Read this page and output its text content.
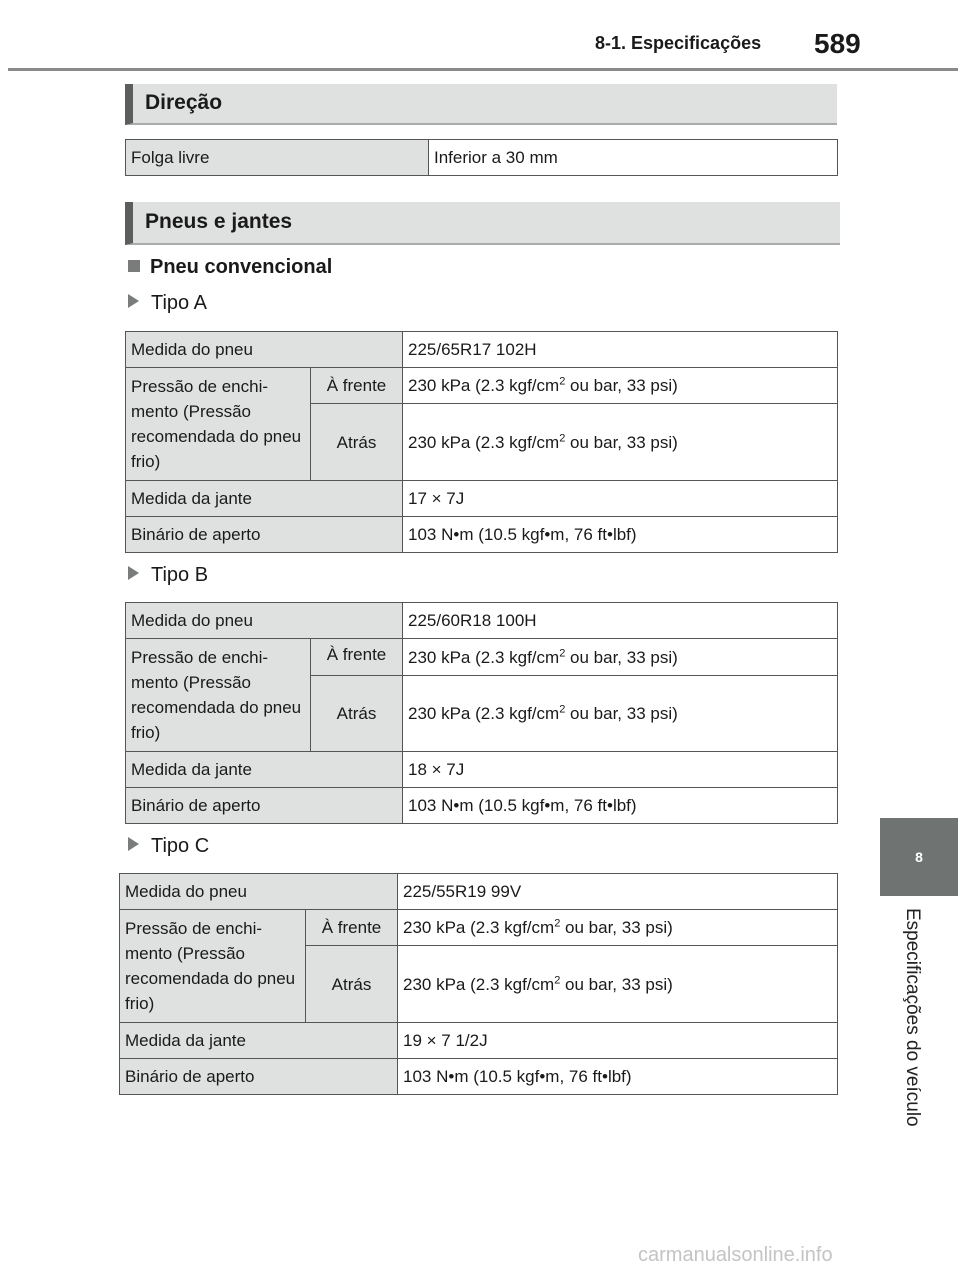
8-1. Especificações 589
Direção
Folga livre	Inferior a 30 mm
Pneus e jantes
Pneu convencional
Tipo A
Medida do pneu		225/65R17 102H
Pressão de enchi-mento (Pressão recomendada do pneu frio)	À frente	230 kPa (2.3 kgf/$cm^2$ ou bar, 33 psi)
	Atrás	230 kPa (2.3 kgf/$cm^2$ ou bar, 33 psi)
Medida da jante		17 × 7J
Binário de aperto		103 N•m (10.5 kgf•m, 76 ft•lbf)
Tipo B
Medida do pneu		225/60R18 100H
Pressão de enchi-mento (Pressão recomendada do pneu frio)	À frente	230 kPa (2.3 kgf/$cm^2$ ou bar, 33 psi)
	Atrás	230 kPa (2.3 kgf/$cm^2$ ou bar, 33 psi)
Medida da jante		18 × 7J
Binário de aperto		103 N•m (10.5 kgf•m, 76 ft•lbf)
Tipo C
Medida do pneu		225/55R19 99V
Pressão de enchi-mento (Pressão recomendada do pneu frio)	À frente	230 kPa (2.3 kgf/$cm^2$ ou bar, 33 psi)
	Atrás	230 kPa (2.3 kgf/$cm^2$ ou bar, 33 psi)
Medida da jante		19 × 7 1/2J
Binário de aperto		103 N•m (10.5 kgf•m, 76 ft•lbf)
8
Especificações do veículo
carmanualsonline.info
